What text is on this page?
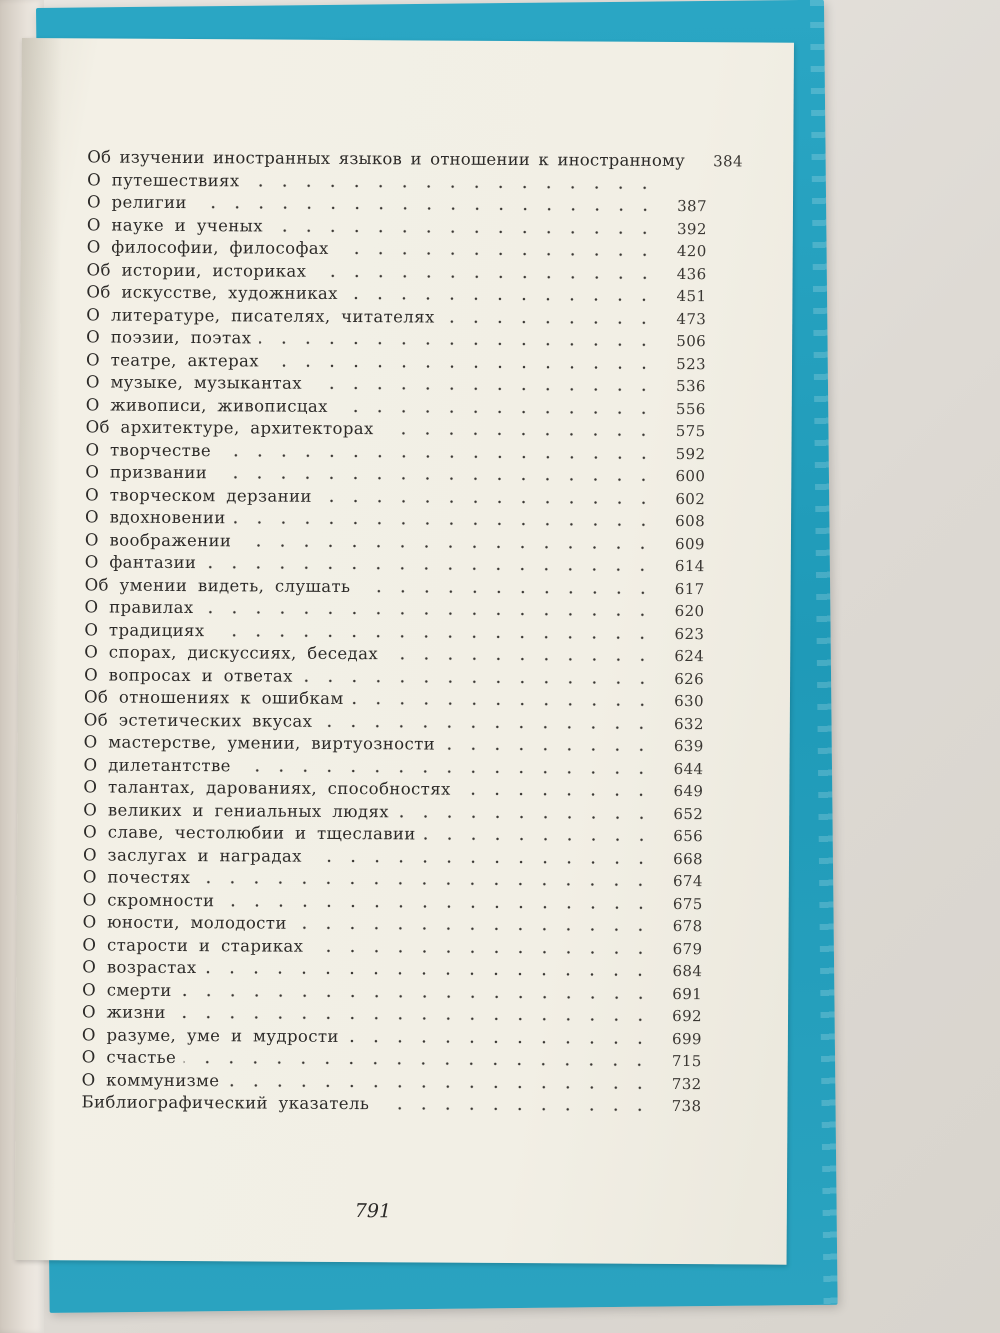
Об изучении иностранных языков и отношении к иностранному	384
О путешествиях
О религии	387
О науке и ученых	392
О философии, философах	420
Об истории, историках	436
Об искусстве, художниках	451
О литературе, писателях, читателях	473
О поэзии, поэтах	506
О театре, актерах	523
О музыке, музыкантах	536
О живописи, живописцах	556
Об архитектуре, архитекторах	575
О творчестве	592
О призвании	600
О творческом дерзании	602
О вдохновении	608
О воображении	609
О фантазии	614
Об умении видеть, слушать	617
О правилах	620
О традициях	623
О спорах, дискуссиях, беседах	624
О вопросах и ответах	626
Об отношениях к ошибкам	630
Об эстетических вкусах	632
О мастерстве, умении, виртуозности	639
О дилетантстве	644
О талантах, дарованиях, способностях	649
О великих и гениальных людях	652
О славе, честолюбии и тщеславии	656
О заслугах и наградах	668
О почестях	674
О скромности	675
О юности, молодости	678
О старости и стариках	679
О возрастах	684
О смерти	691
О жизни	692
О разуме, уме и мудрости	699
О счастье	715
О коммунизме	732
Библиографический указатель	738
791
